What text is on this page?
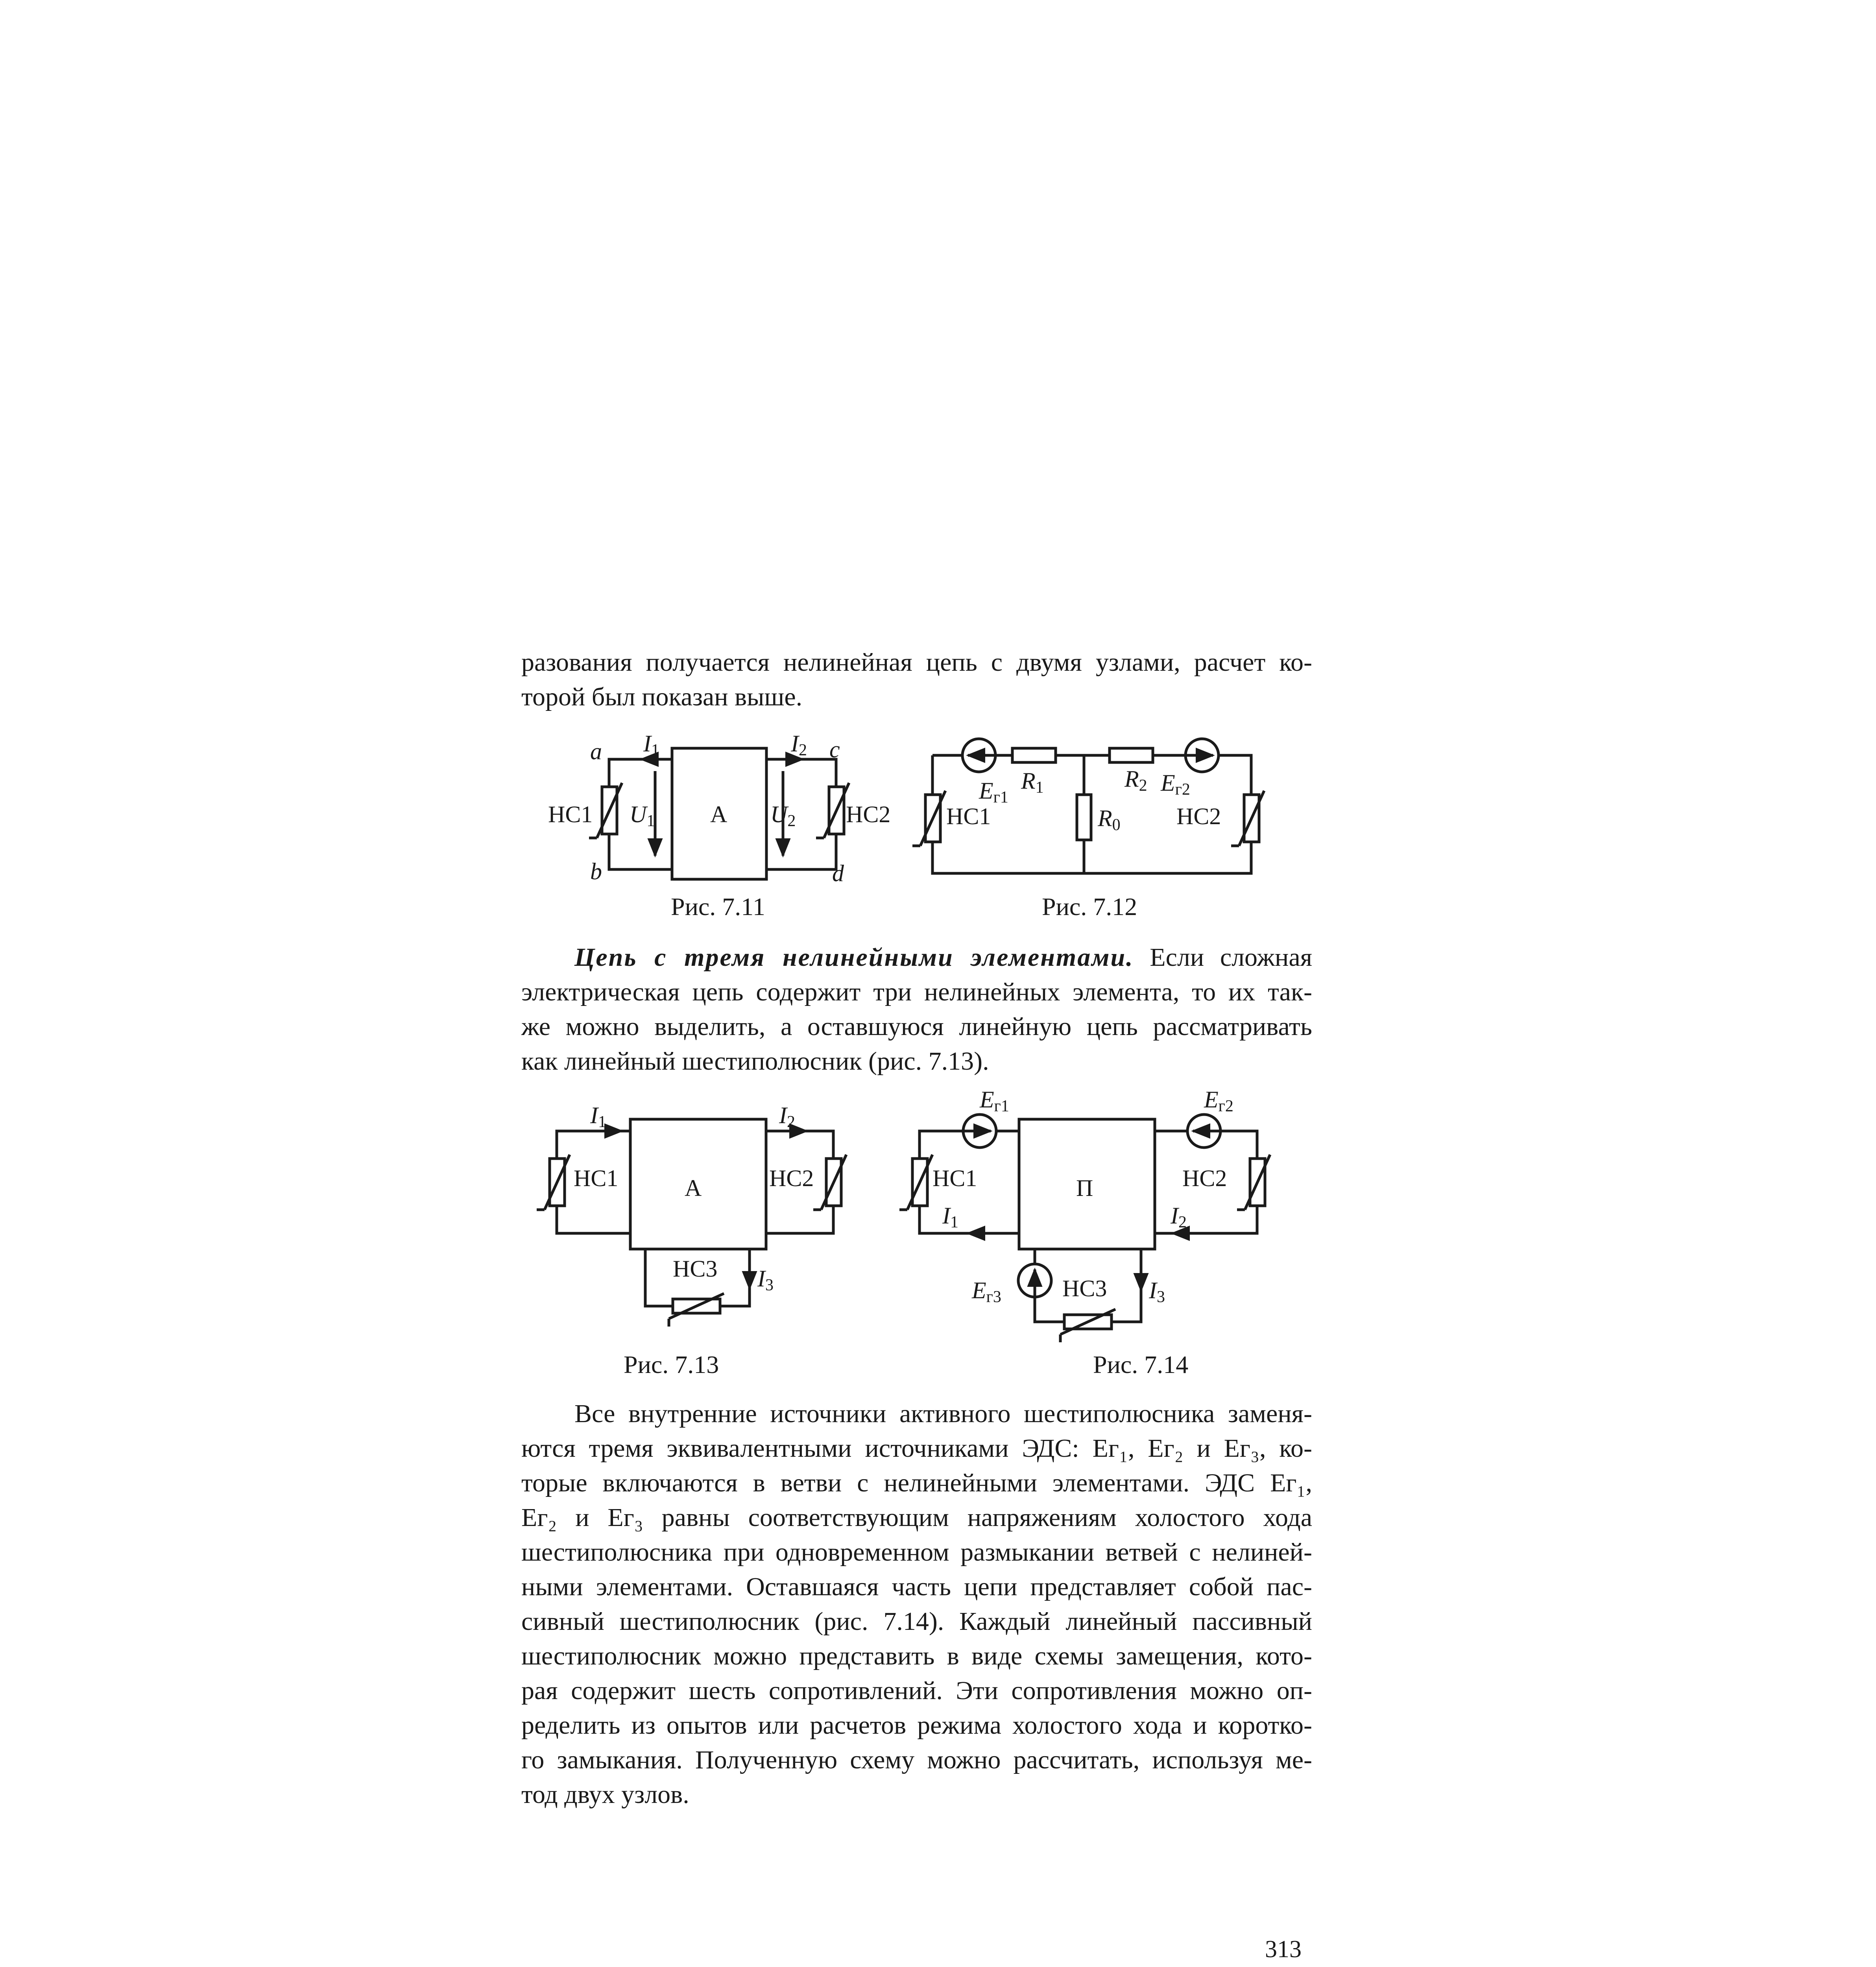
разования получается нелинейная цепь с двумя узлами, расчет ко-
торой был показан выше.
a
b
c
d
НС1	НС2
А
I1	I2
U1	U2
Eг1
R1	R2 Eг2
R0
НС1	НС2
I1	I2
I3
НС1	НС2
НС3
А
Eг1	Eг2
Eг3
I1	I2
I3
НС1	НС2
НС3
П
Рис. 7.11	Рис. 7.12
Цепь с тремя нелинейными элементами. Если сложная
электрическая цепь содержит три нелинейных элемента, то их так-
же можно выделить, а оставшуюся линейную цепь рассматривать
как линейный шестиполюсник (рис. 7.13).
Рис. 7.13	Рис. 7.14
Все внутренние источники активного шестиполюсника заменя-
ются тремя эквивалентными источниками ЭДС: Eг₁, Eг₂ и Eг₃, ко-
торые включаются в ветви с нелинейными элементами. ЭДС Eг₁,
Eг₂ и Eг₃ равны соответствующим напряжениям холостого хода
шестиполюсника при одновременном размыкании ветвей с нелиней-
ными элементами. Оставшаяся часть цепи представляет собой пас-
сивный шестиполюсник (рис. 7.14). Каждый линейный пассивный
шестиполюсник можно представить в виде схемы замещения, кото-
рая содержит шесть сопротивлений. Эти сопротивления можно оп-
ределить из опытов или расчетов режима холостого хода и коротко-
го замыкания. Полученную схему можно рассчитать, используя ме-
тод двух узлов.
313
